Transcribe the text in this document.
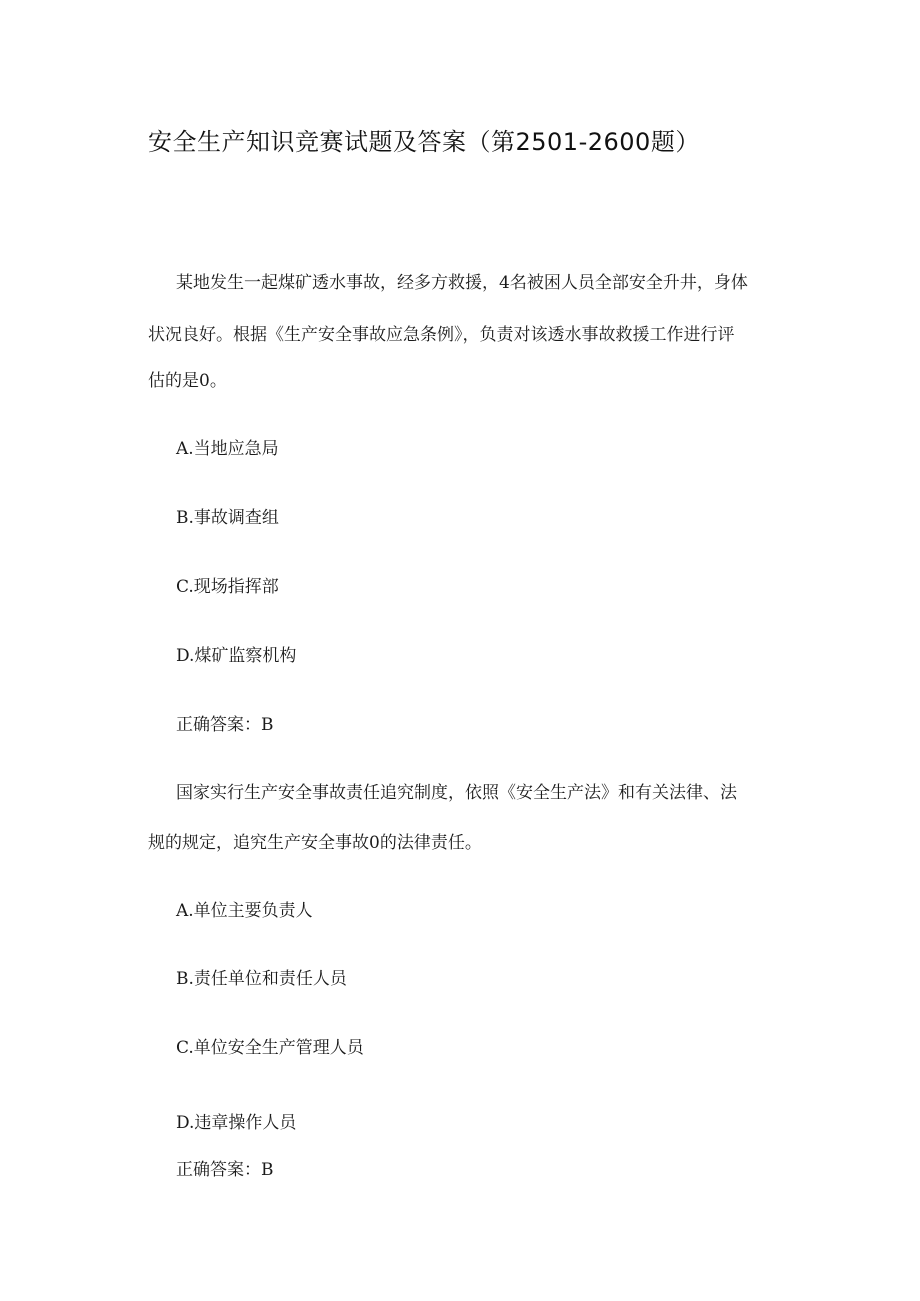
安全生产知识竞赛试题及答案（第2501-2600题）
某地发生一起煤矿透水事故，经多方救援，4名被困人员全部安全升井，身体
状况良好。根据《生产安全事故应急条例》，负责对该透水事故救援工作进行评
估的是0。
A.当地应急局
B.事故调查组
C.现场指挥部
D.煤矿监察机构
正确答案：B
国家实行生产安全事故责任追究制度，依照《安全生产法》和有关法律、法
规的规定，追究生产安全事故0的法律责任。
A.单位主要负责人
B.责任单位和责任人员
C.单位安全生产管理人员
D.违章操作人员
正确答案：B
